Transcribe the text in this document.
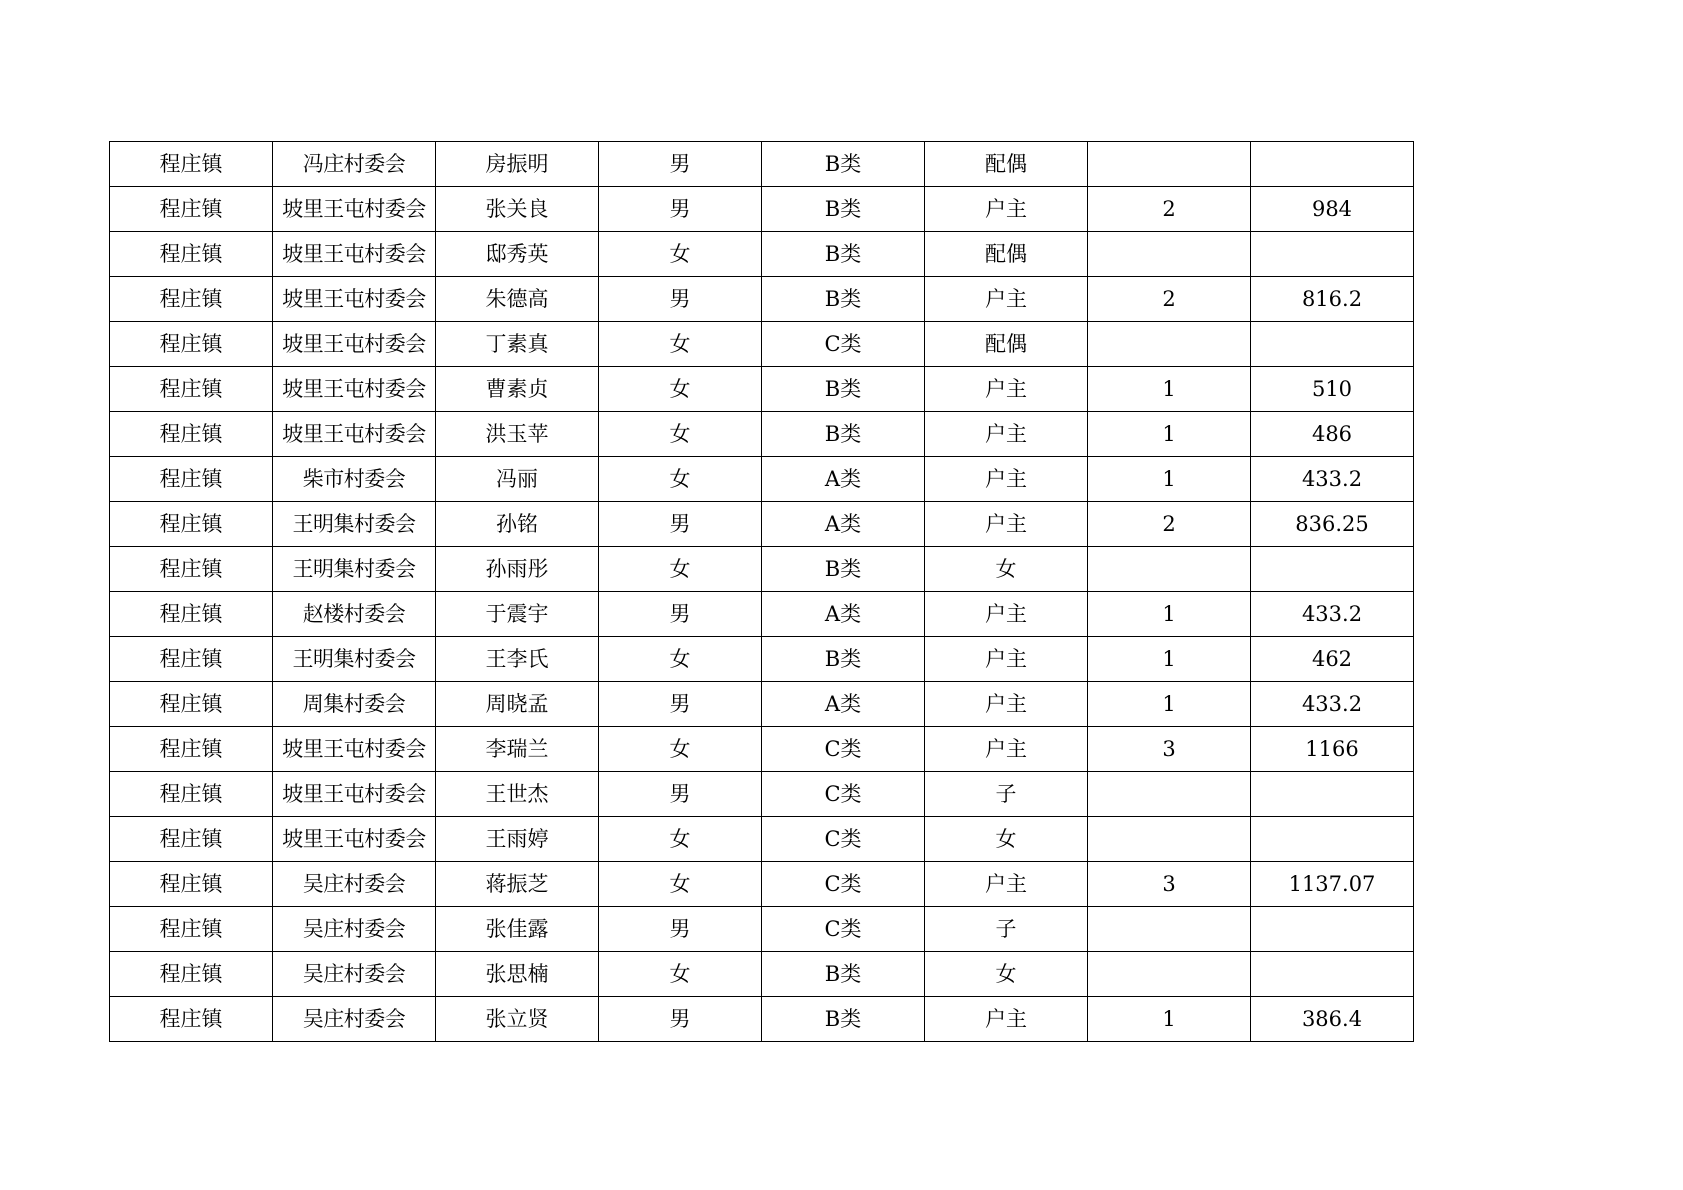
程庄镇	冯庄村委会	房振明	男	B类	配偶		
程庄镇	坡里王屯村委会	张关良	男	B类	户主	2	984
程庄镇	坡里王屯村委会	邸秀英	女	B类	配偶		
程庄镇	坡里王屯村委会	朱德高	男	B类	户主	2	816.2
程庄镇	坡里王屯村委会	丁素真	女	C类	配偶		
程庄镇	坡里王屯村委会	曹素贞	女	B类	户主	1	510
程庄镇	坡里王屯村委会	洪玉苹	女	B类	户主	1	486
程庄镇	柴市村委会	冯丽	女	A类	户主	1	433.2
程庄镇	王明集村委会	孙铭	男	A类	户主	2	836.25
程庄镇	王明集村委会	孙雨彤	女	B类	女		
程庄镇	赵楼村委会	于震宇	男	A类	户主	1	433.2
程庄镇	王明集村委会	王李氏	女	B类	户主	1	462
程庄镇	周集村委会	周晓孟	男	A类	户主	1	433.2
程庄镇	坡里王屯村委会	李瑞兰	女	C类	户主	3	1166
程庄镇	坡里王屯村委会	王世杰	男	C类	子		
程庄镇	坡里王屯村委会	王雨婷	女	C类	女		
程庄镇	吴庄村委会	蒋振芝	女	C类	户主	3	1137.07
程庄镇	吴庄村委会	张佳露	男	C类	子		
程庄镇	吴庄村委会	张思楠	女	B类	女		
程庄镇	吴庄村委会	张立贤	男	B类	户主	1	386.4
